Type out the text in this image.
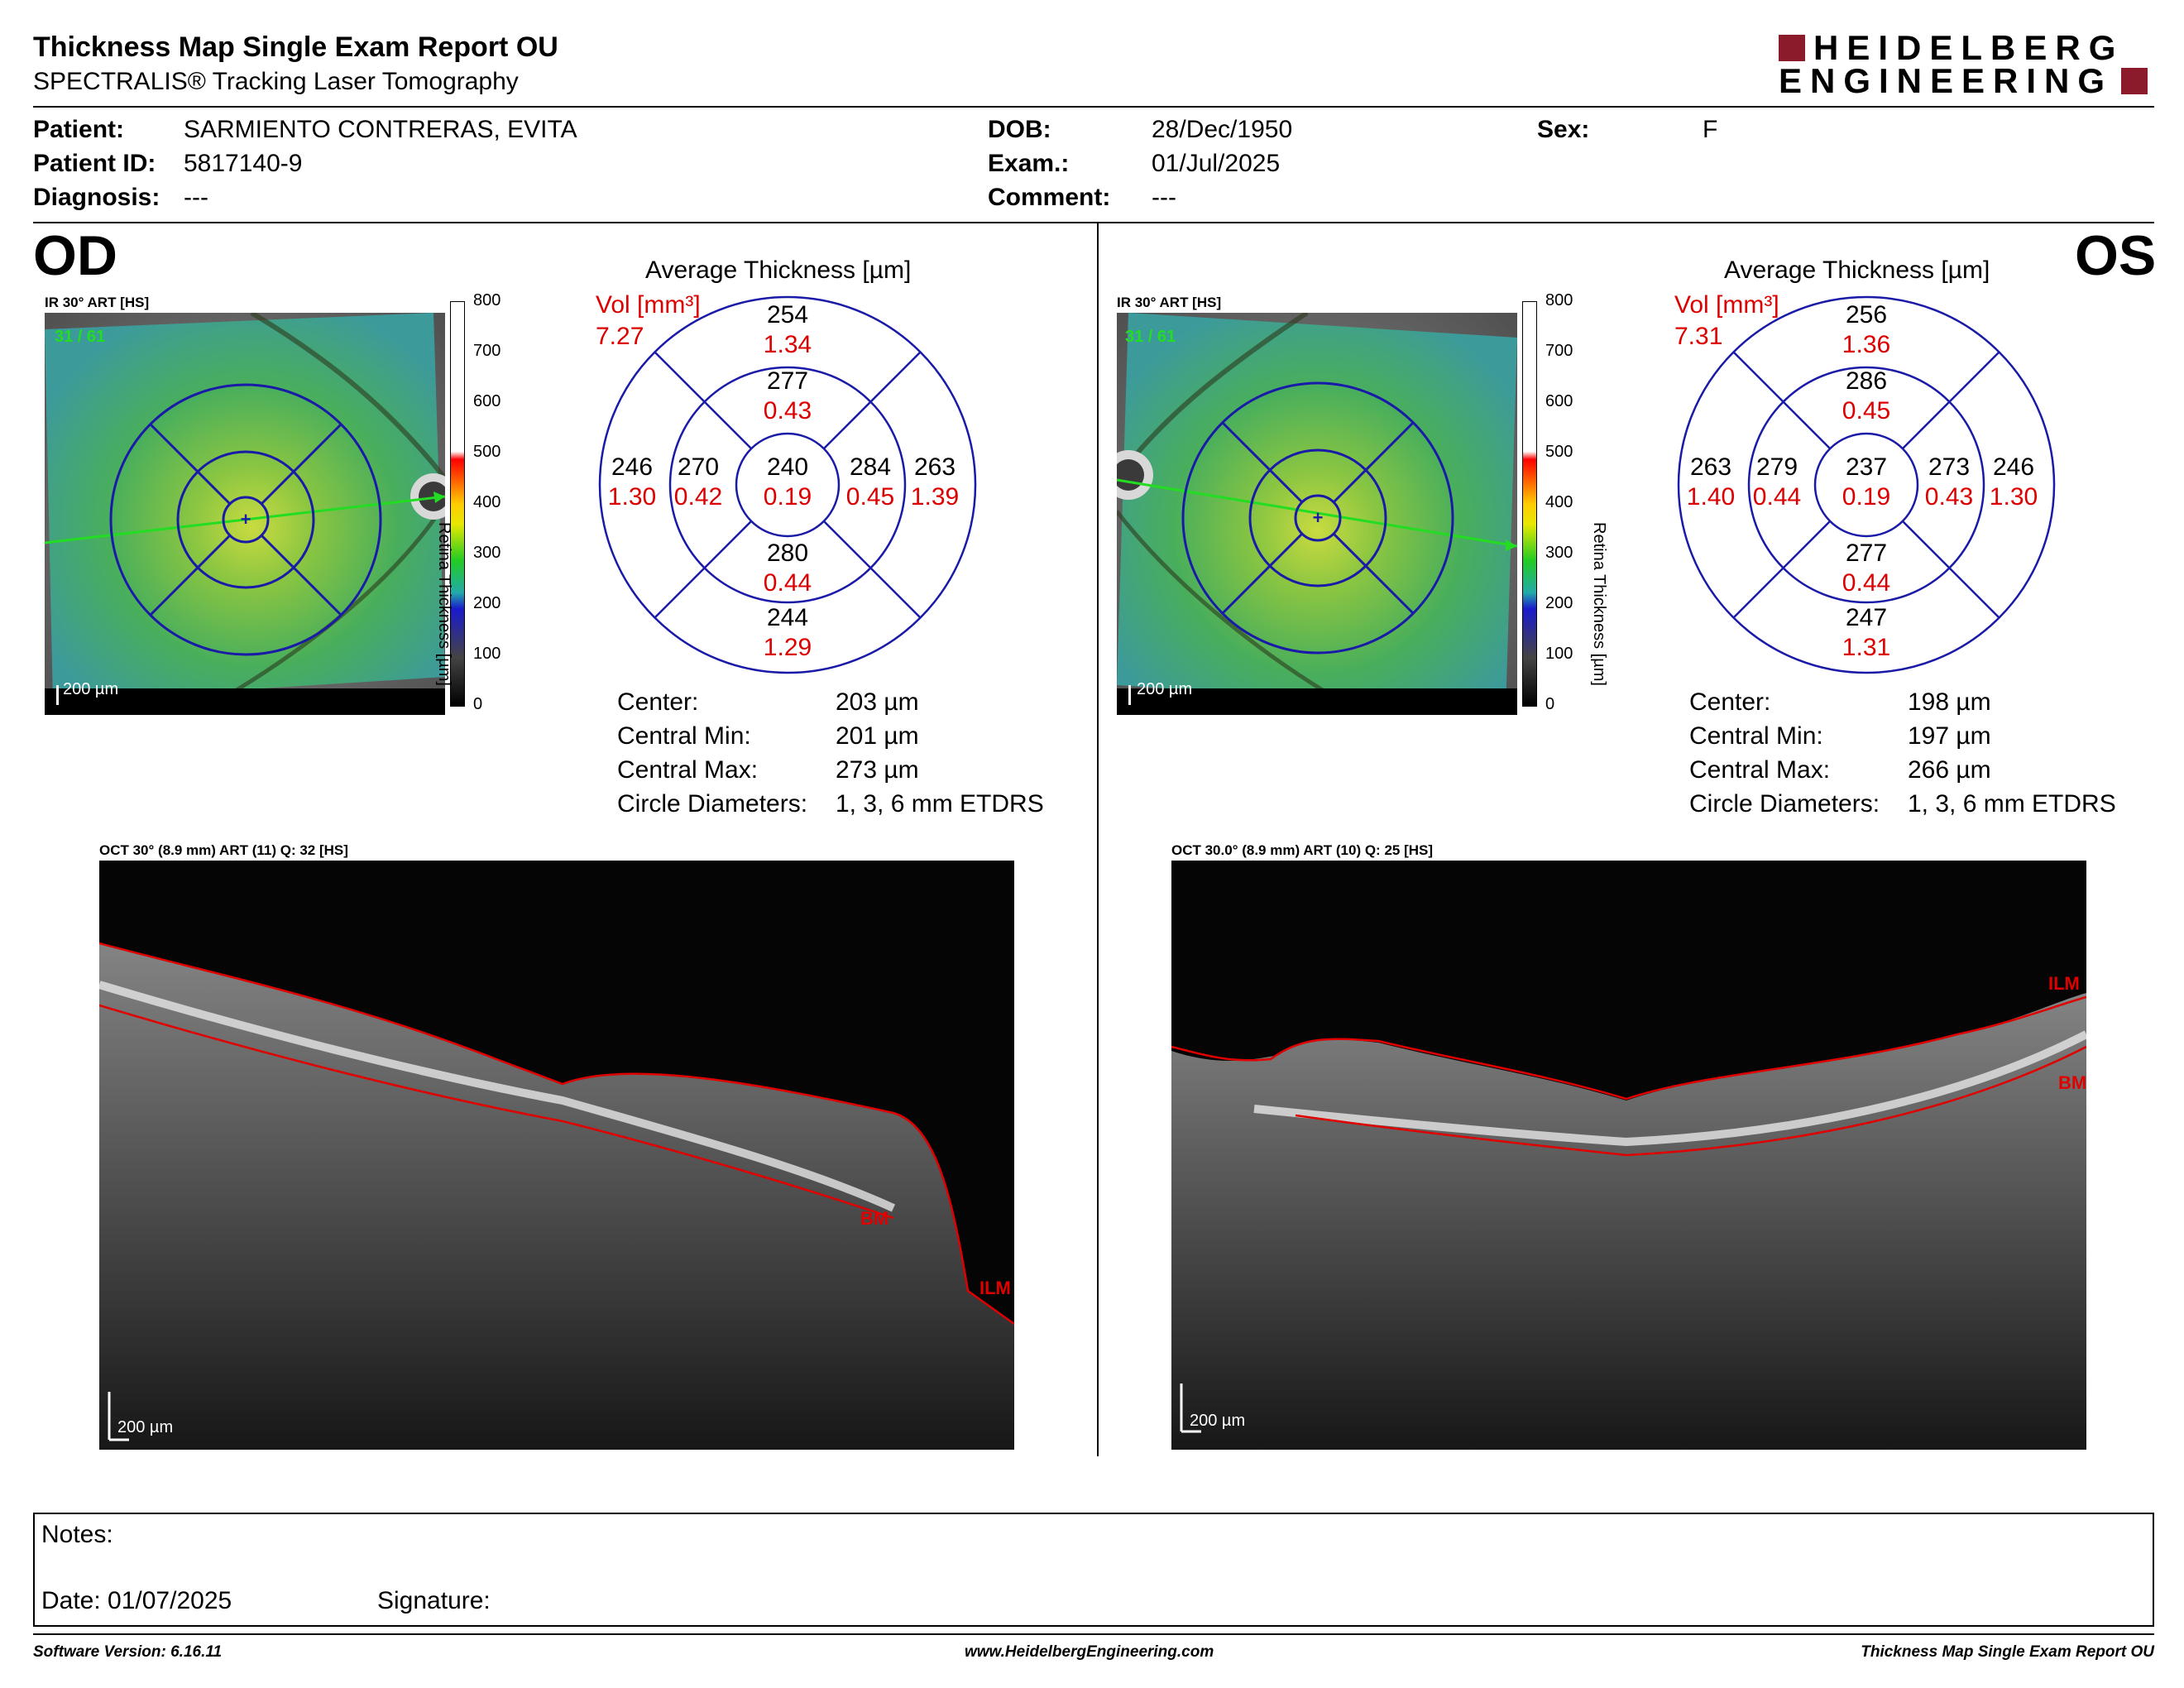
Thickness Map Single Exam Report OU
SPECTRALIS® Tracking Laser Tomography
HEIDELBERG
ENGINEERING
Patient: SARMIENTO CONTRERAS, EVITA
Patient ID: 5817140-9
Diagnosis: ---
DOB:	28/Dec/1950
Exam.:	01/Jul/2025
Comment: ---
Sex:	F
OD	OS
IR 30° ART [HS]
31 / 61
200 µm
800
700
600
500
400
300
200
100
0
Retina Thickness [µm]
+
Average Thickness [µm]
Vol [mm³]
7.27
254
1.34
277
0.43
246
1.30
270
0.42
240
0.19
284
0.45
263
1.39
280
0.44
244
1.29
Center:	203 µm
Central Min:	201 µm
Central Max:	273 µm
Circle Diameters: 1, 3, 6 mm ETDRS
IR 30° ART [HS]
31 / 61
200 µm
800
700
600
500
400
300
200
100
0
Retina Thickness [µm]
+
Average Thickness [µm]
Vol [mm³]
7.31
256
1.36
286
0.45
263
1.40
279
0.44
237
0.19
273
0.43
246
1.30
277
0.44
247
1.31
Center:	198 µm
Central Min:	197 µm
Central Max:	266 µm
Circle Diameters: 1, 3, 6 mm ETDRS
OCT 30° (8.9 mm) ART (11) Q: 32 [HS]
ILM
BM
200 µm
OCT 30.0° (8.9 mm) ART (10) Q: 25 [HS]
ILM
BM
200 µm
Notes:
Date: 01/07/2025	Signature:
Software Version: 6.16.11	www.HeidelbergEngineering.com	Thickness Map Single Exam Report OU
